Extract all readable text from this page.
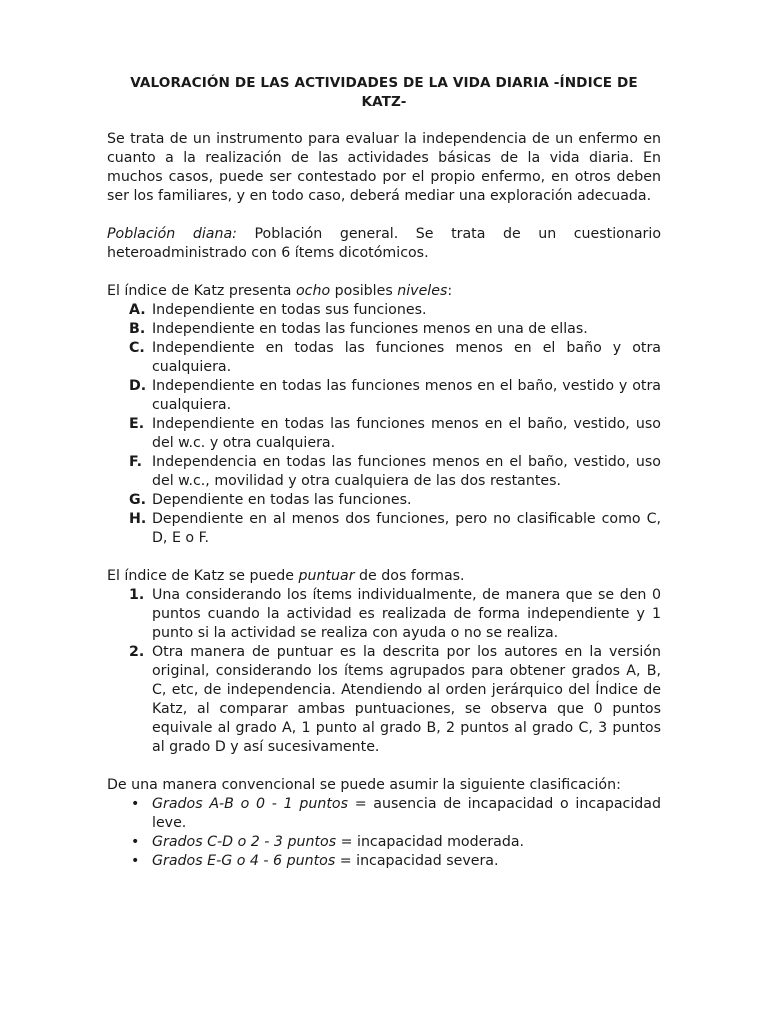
VALORACIÓN DE LAS ACTIVIDADES DE LA VIDA DIARIA -ÍNDICE DE KATZ-

Se trata de un instrumento para evaluar la independencia de un enfermo en cuanto a la realización de las actividades básicas de la vida diaria. En muchos casos, puede ser contestado por el propio enfermo, en otros deben ser los familiares, y en todo caso, deberá mediar una exploración adecuada.

Población diana: Población general. Se trata de un cuestionario heteroadministrado con 6 ítems dicotómicos.

El índice de Katz presenta ocho posibles niveles:

A. Independiente en todas sus funciones.
B. Independiente en todas las funciones menos en una de ellas.
C. Independiente en todas las funciones menos en el baño y otra cualquiera.
D. Independiente en todas las funciones menos en el baño, vestido y otra cualquiera.
E. Independiente en todas las funciones menos en el baño, vestido, uso del w.c. y otra cualquiera.
F. Independencia en todas las funciones menos en el baño, vestido, uso del w.c., movilidad y otra cualquiera de las dos restantes.
G. Dependiente en todas las funciones.
H. Dependiente en al menos dos funciones, pero no clasificable como C, D, E o F.

El índice de Katz se puede puntuar de dos formas.

1. Una considerando los ítems individualmente, de manera que se den 0 puntos cuando la actividad es realizada de forma independiente y 1 punto si la actividad se realiza con ayuda o no se realiza.
2. Otra manera de puntuar es la descrita por los autores en la versión original, considerando los ítems agrupados para obtener grados A, B, C, etc, de independencia. Atendiendo al orden jerárquico del Índice de Katz, al comparar ambas puntuaciones, se observa que 0 puntos equivale al grado A, 1 punto al grado B, 2 puntos al grado C, 3 puntos al grado D y así sucesivamente.

De una manera convencional se puede asumir la siguiente clasificación:

• Grados A-B o 0 - 1 puntos = ausencia de incapacidad o incapacidad leve.
• Grados C-D o 2 - 3 puntos = incapacidad moderada.
• Grados E-G o 4 - 6 puntos = incapacidad severa.
